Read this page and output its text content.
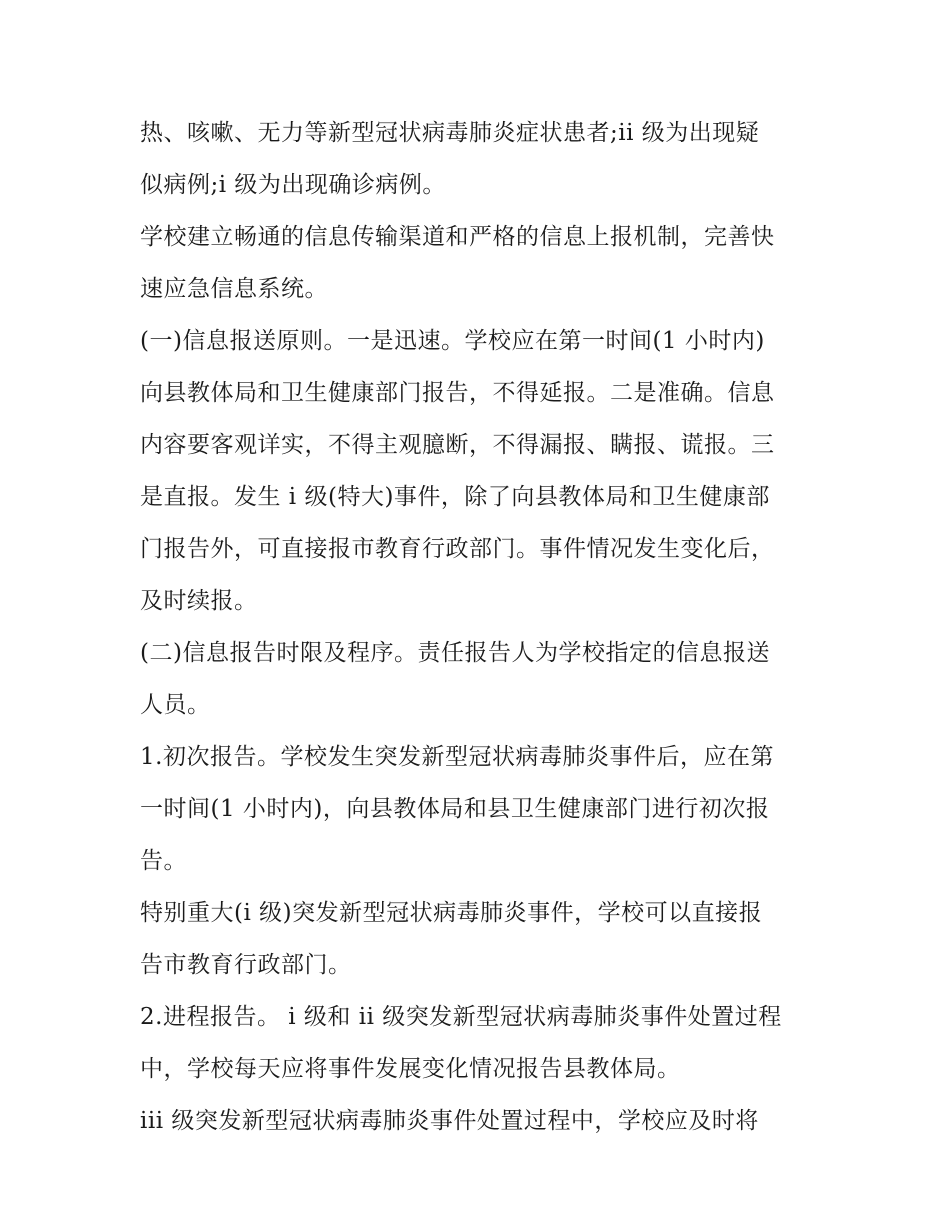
热、咳嗽、无力等新型冠状病毒肺炎症状患者;ii 级为出现疑
似病例;i 级为出现确诊病例。
学校建立畅通的信息传输渠道和严格的信息上报机制，完善快
速应急信息系统。
(一)信息报送原则。一是迅速。学校应在第一时间(1 小时内)
向县教体局和卫生健康部门报告，不得延报。二是准确。信息
内容要客观详实，不得主观臆断，不得漏报、瞒报、谎报。三
是直报。发生 i 级(特大)事件，除了向县教体局和卫生健康部
门报告外，可直接报市教育行政部门。事件情况发生变化后，
及时续报。
(二)信息报告时限及程序。责任报告人为学校指定的信息报送
人员。
1.初次报告。学校发生突发新型冠状病毒肺炎事件后，应在第
一时间(1 小时内)，向县教体局和县卫生健康部门进行初次报
告。
特别重大(i 级)突发新型冠状病毒肺炎事件，学校可以直接报
告市教育行政部门。
2.进程报告。 i 级和 ii 级突发新型冠状病毒肺炎事件处置过程
中，学校每天应将事件发展变化情况报告县教体局。
iii 级突发新型冠状病毒肺炎事件处置过程中，学校应及时将
